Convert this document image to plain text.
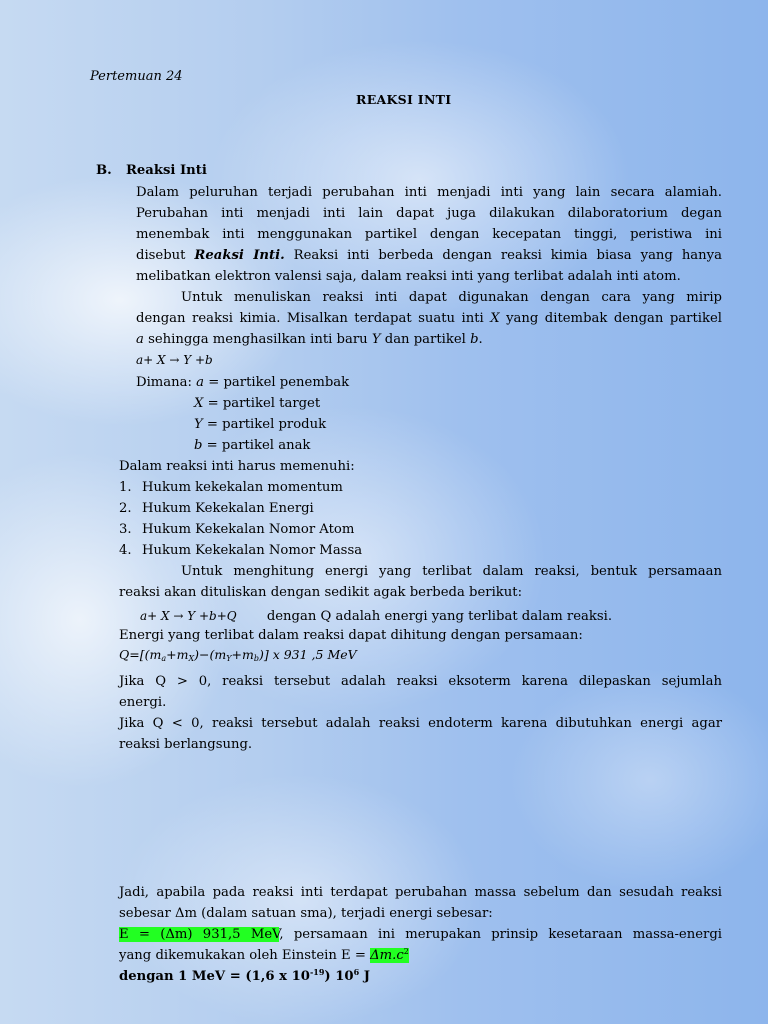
Pertemuan 24
REAKSI INTI
B. Reaksi Inti

Dalam peluruhan terjadi perubahan inti menjadi inti yang lain secara alamiah.

Perubahan inti menjadi inti lain dapat juga dilakukan dilaboratorium degan

menembak inti menggunakan partikel dengan kecepatan tinggi, peristiwa ini

disebut Reaksi Inti. Reaksi inti berbeda dengan reaksi kimia biasa yang hanya

melibatkan elektron valensi saja, dalam reaksi inti yang terlibat adalah inti atom.

Untuk menuliskan reaksi inti dapat digunakan dengan cara yang mirip

dengan reaksi kimia. Misalkan terdapat suatu inti X yang ditembak dengan partikel

a sehingga menghasilkan inti baru Y dan partikel b.

a+ X → Y +b
Dimana: a = partikel penembak
X = partikel target
Y = partikel produk
b = partikel anak
Dalam reaksi inti harus memenuhi:
1. Hukum kekekalan momentum
2. Hukum Kekekalan Energi
3. Hukum Kekekalan Nomor Atom
4. Hukum Kekekalan Nomor Massa

Untuk menghitung energi yang terlibat dalam reaksi, bentuk persamaan

reaksi akan dituliskan dengan sedikit agak berbeda berikut:

a+ X → Y +b+Q dengan Q adalah energi yang terlibat dalam reaksi.
Energi yang terlibat dalam reaksi dapat dihitung dengan persamaan:
$Q=[(m_a+m_X)-(m_Y+m_b)]$ x 931 ,5 MeV

Jika Q > 0, reaksi tersebut adalah reaksi eksoterm karena dilepaskan sejumlah

energi.

Jika Q < 0, reaksi tersebut adalah reaksi endoterm karena dibutuhkan energi agar

reaksi berlangsung.

Jadi, apabila pada reaksi inti terdapat perubahan massa sebelum dan sesudah reaksi

sebesar Δm (dalam satuan sma), terjadi energi sebesar:

E = (Δm) 931,5 MeV, persamaan ini merupakan prinsip kesetaraan massa-energi

yang dikemukakan oleh Einstein $E = \Delta m.c^2$

dengan 1 MeV = (1,6 x $10^{-19}$) $10^6$ J
